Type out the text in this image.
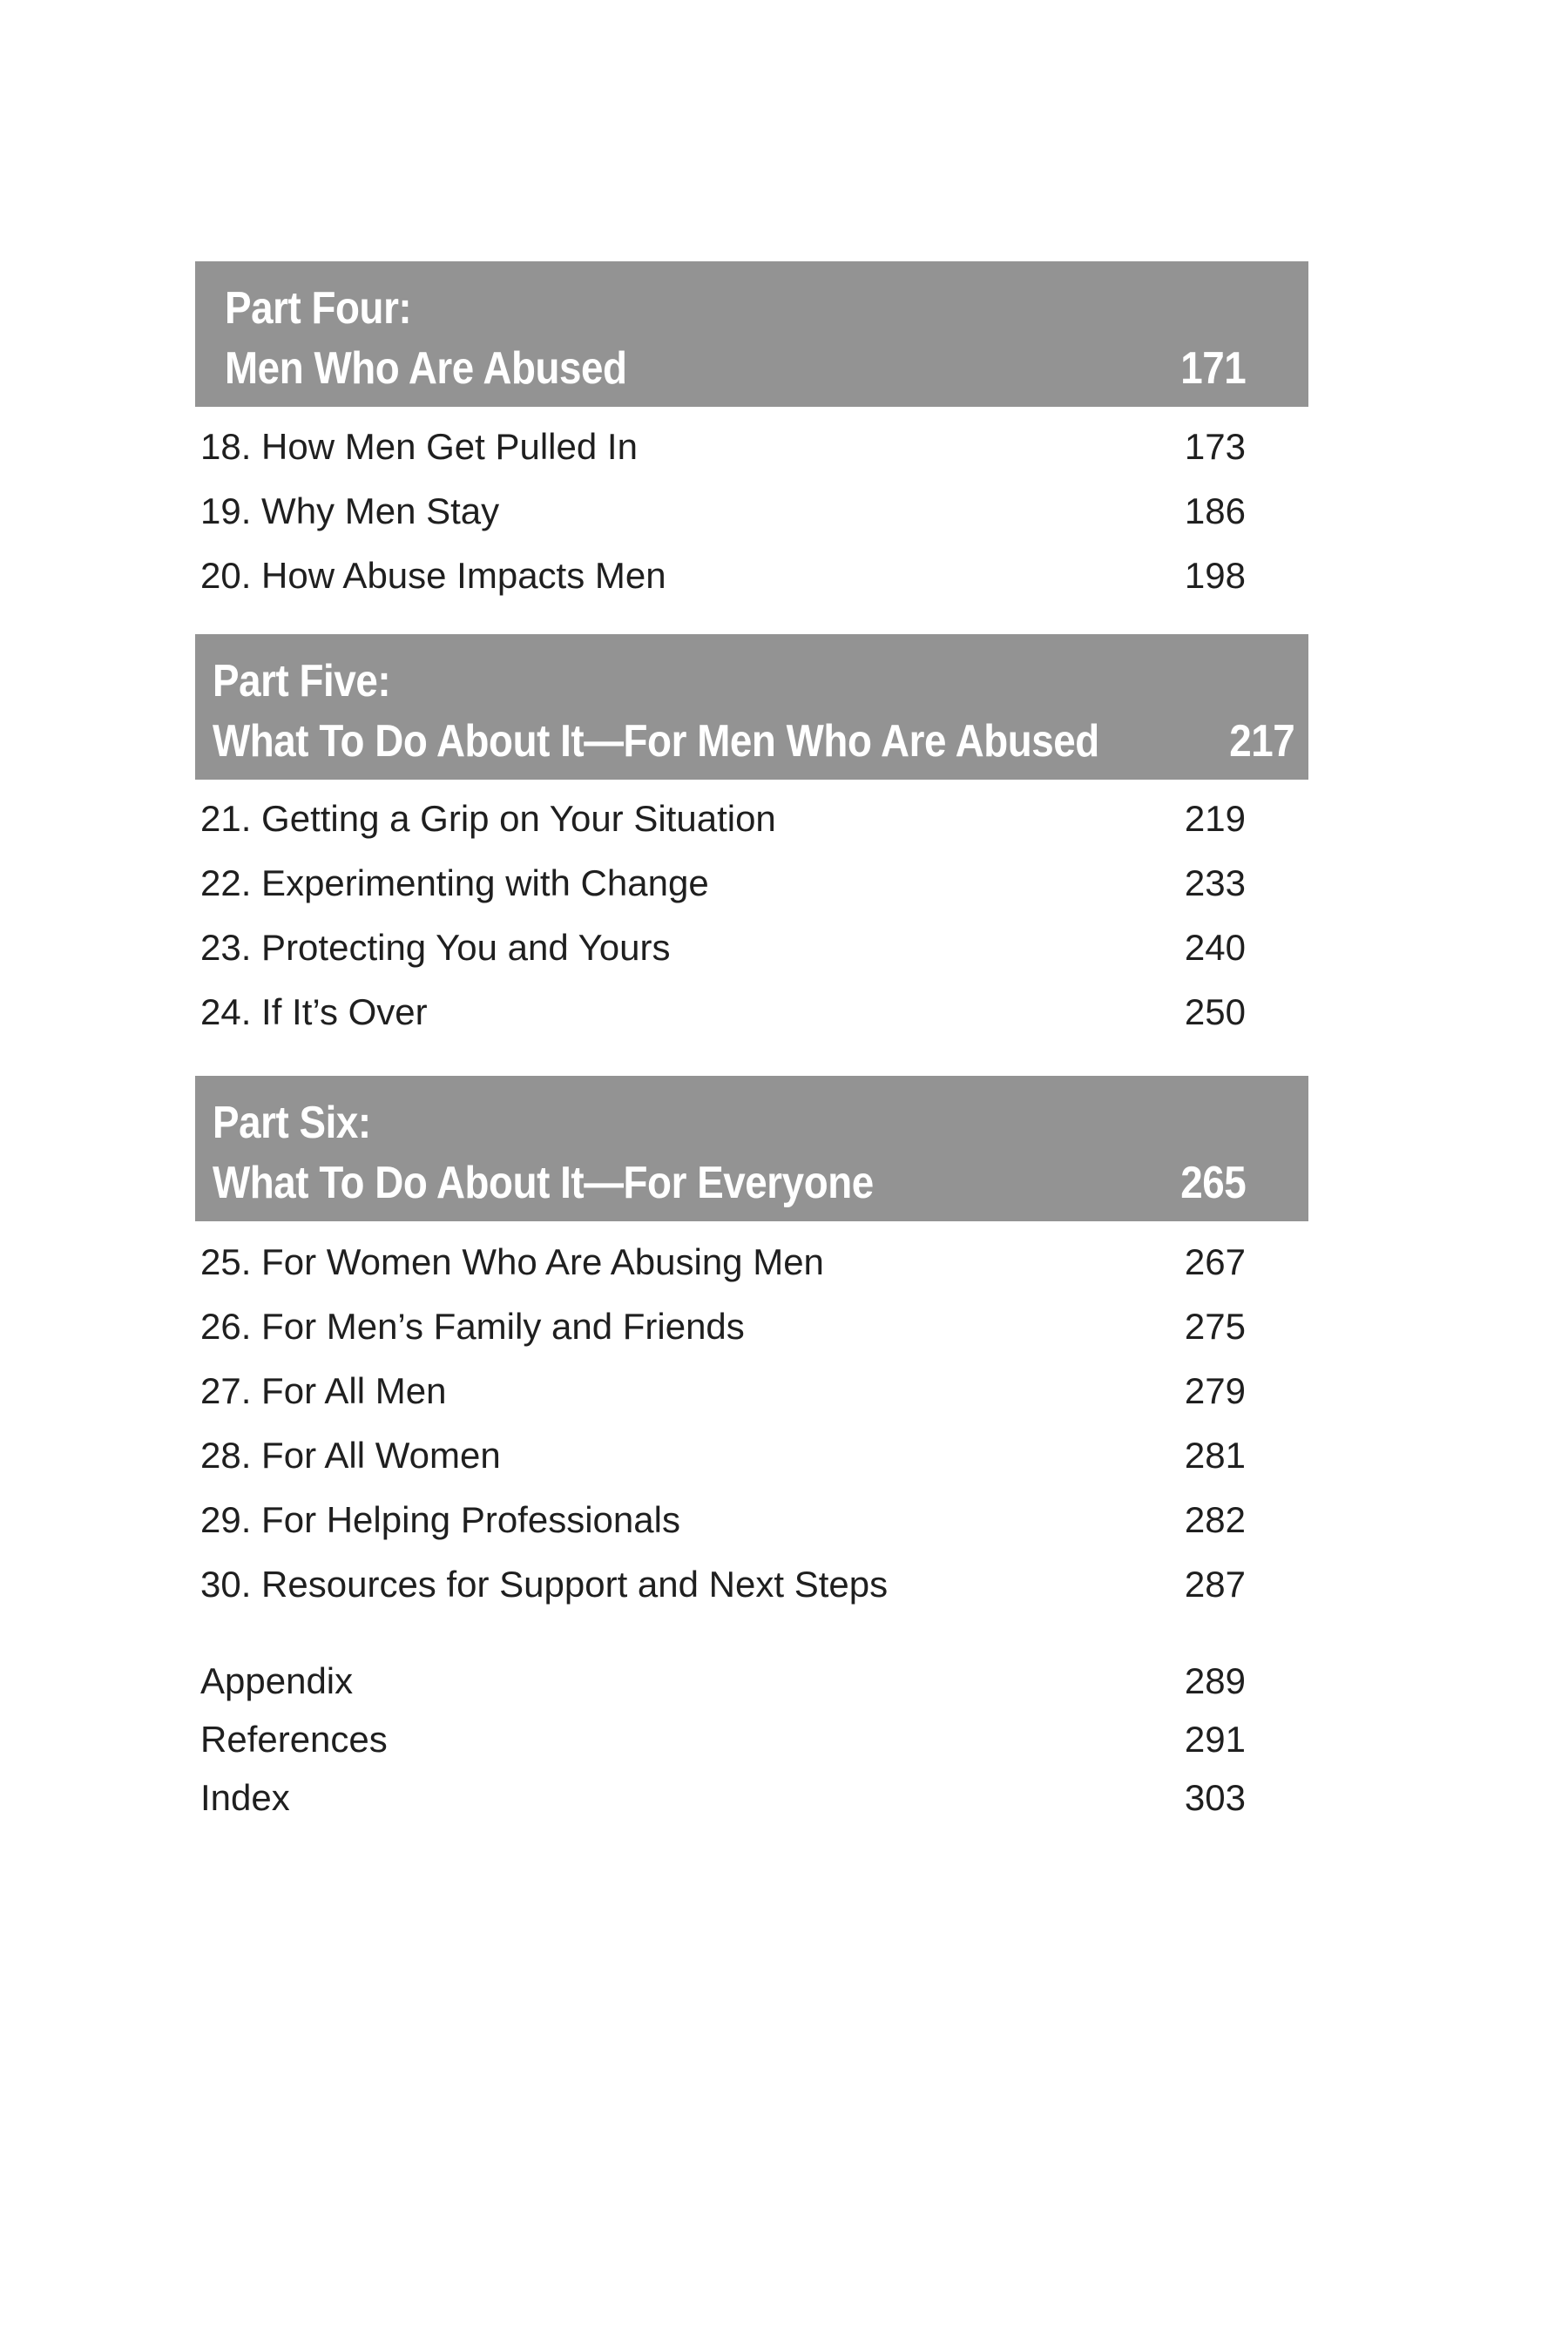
Part Four:
Men Who Are Abused	171
18. How Men Get Pulled In	173
19. Why Men Stay	186
20. How Abuse Impacts Men	198
Part Five:
What To Do About It—For Men Who Are Abused	217
21. Getting a Grip on Your Situation	219
22. Experimenting with Change	233
23. Protecting You and Yours	240
24. If It’s Over	250
Part Six:
What To Do About It—For Everyone	265
25. For Women Who Are Abusing Men	267
26. For Men’s Family and Friends	275
27. For All Men	279
28. For All Women	281
29. For Helping Professionals	282
30. Resources for Support and Next Steps	287
Appendix	289
References	291
Index	303
